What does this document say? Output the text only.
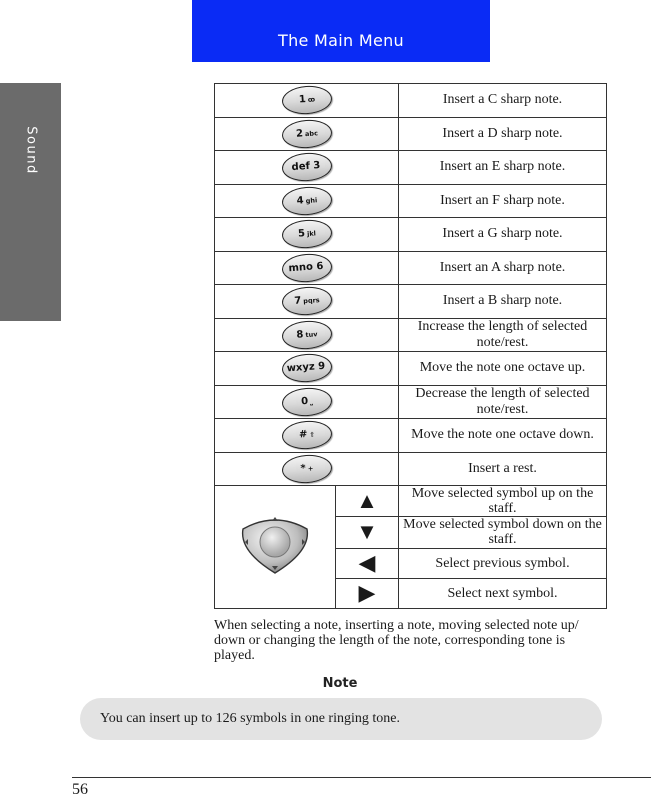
The Main Menu
Sound
1ꝏ		Insert a C sharp note.
2abc		Insert a D sharp note.
def 3		Insert an E sharp note.
4ghi		Insert an F sharp note.
5jkl		Insert a G sharp note.
mno 6		Insert an A sharp note.
7pqrs		Insert a B sharp note.
8tuv		Increase the length of selected note/rest.
wxyz 9		Move the note one octave up.
0⎵		Decrease the length of selected note/rest.
#⇧		Move the note one octave down.
*+		Insert a rest.
	▲	Move selected symbol up on the staff.
	▼	Move selected symbol down on the staff.
	◀	Select previous symbol.
	▶	Select next symbol.
When selecting a note, inserting a note, moving selected note up/ down or changing the length of the note, corresponding tone is played.
Note
You can insert up to 126 symbols in one ringing tone.
56
